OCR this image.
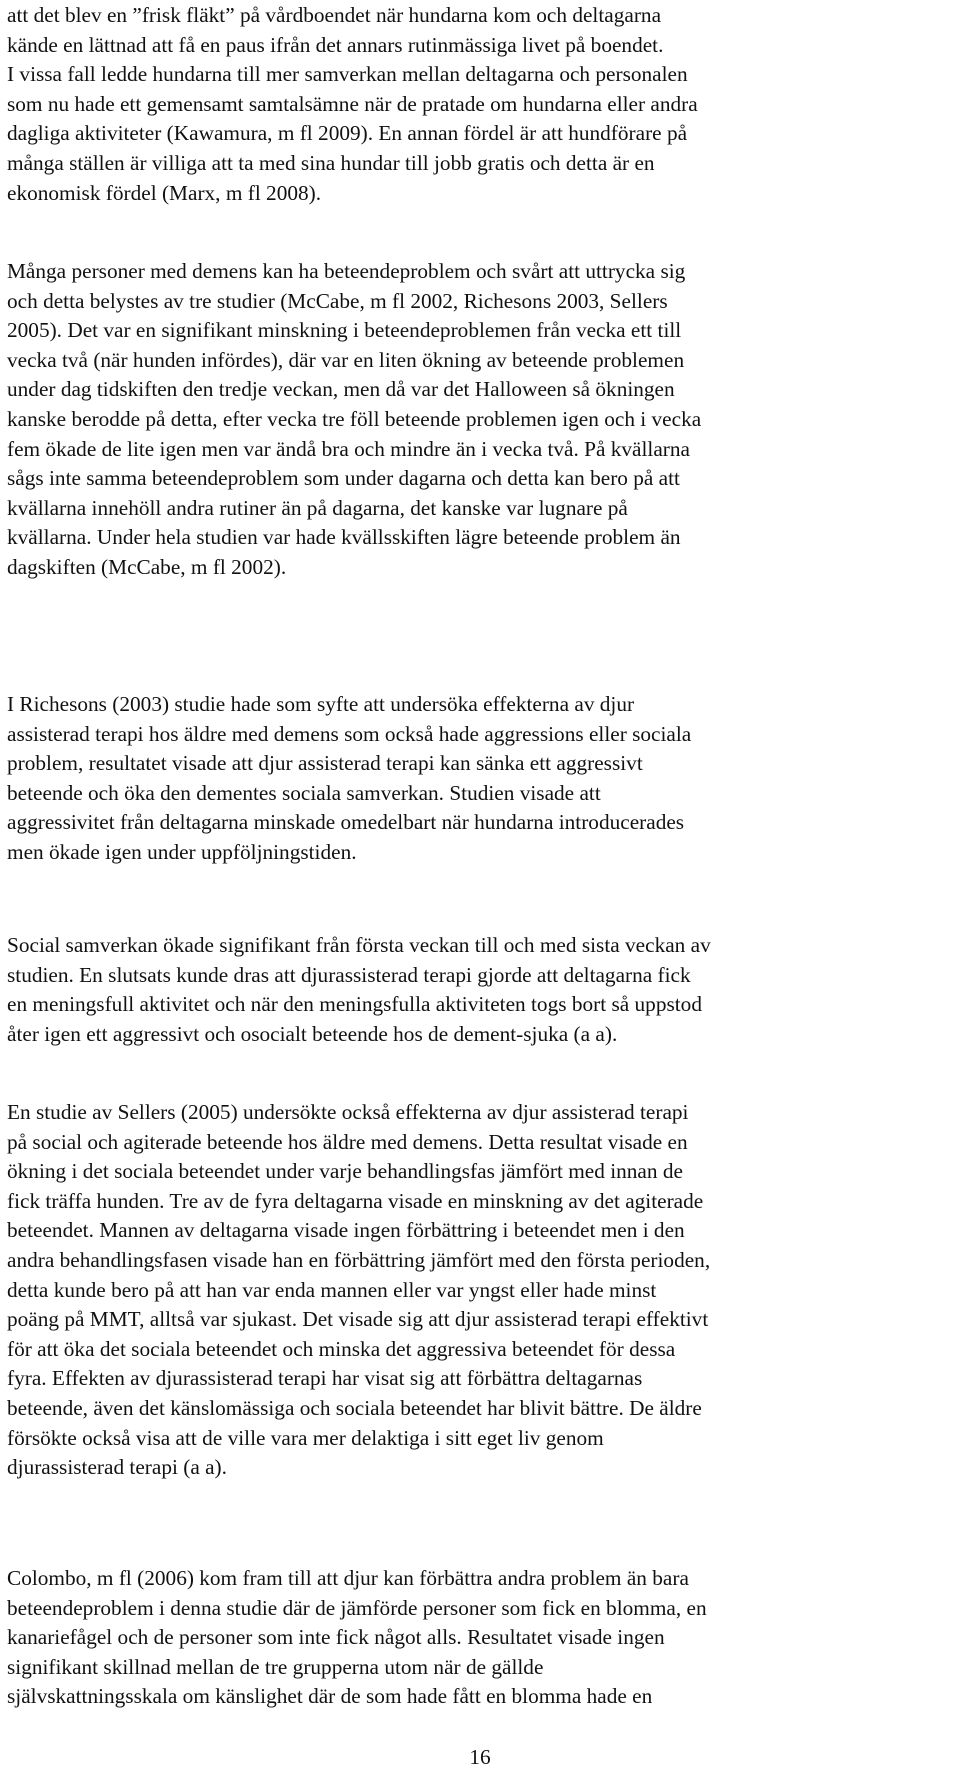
att det blev en ”frisk fläkt” på vårdboendet när hundarna kom och deltagarna
kände en lättnad att få en paus ifrån det annars rutinmässiga livet på boendet.
I vissa fall ledde hundarna till mer samverkan mellan deltagarna och personalen
som nu hade ett gemensamt samtalsämne när de pratade om hundarna eller andra
dagliga aktiviteter (Kawamura, m fl 2009). En annan fördel är att hundförare på
många ställen är villiga att ta med sina hundar till jobb gratis och detta är en
ekonomisk fördel (Marx, m fl 2008).
Många personer med demens kan ha beteendeproblem och svårt att uttrycka sig
och detta belystes av tre studier (McCabe, m fl 2002, Richesons 2003, Sellers
2005). Det var en signifikant minskning i beteendeproblemen från vecka ett till
vecka två (när hunden infördes), där var en liten ökning av beteende problemen
under dag tidskiften den tredje veckan, men då var det Halloween så ökningen
kanske berodde på detta, efter vecka tre föll beteende problemen igen och i vecka
fem ökade de lite igen men var ändå bra och mindre än i vecka två. På kvällarna
sågs inte samma beteendeproblem som under dagarna och detta kan bero på att
kvällarna innehöll andra rutiner än på dagarna, det kanske var lugnare på
kvällarna. Under hela studien var hade kvällsskiften lägre beteende problem än
dagskiften (McCabe, m fl 2002).
I Richesons (2003) studie hade som syfte att undersöka effekterna av djur
assisterad terapi hos äldre med demens som också hade aggressions eller sociala
problem, resultatet visade att djur assisterad terapi kan sänka ett aggressivt
beteende och öka den dementes sociala samverkan. Studien visade att
aggressivitet från deltagarna minskade omedelbart när hundarna introducerades
men ökade igen under uppföljningstiden.
Social samverkan ökade signifikant från första veckan till och med sista veckan av
studien. En slutsats kunde dras att djurassisterad terapi gjorde att deltagarna fick
en meningsfull aktivitet och när den meningsfulla aktiviteten togs bort så uppstod
åter igen ett aggressivt och osocialt beteende hos de dement-sjuka (a a).
En studie av Sellers (2005) undersökte också effekterna av djur assisterad terapi
på social och agiterade beteende hos äldre med demens. Detta resultat visade en
ökning i det sociala beteendet under varje behandlingsfas jämfört med innan de
fick träffa hunden. Tre av de fyra deltagarna visade en minskning av det agiterade
beteendet. Mannen av deltagarna visade ingen förbättring i beteendet men i den
andra behandlingsfasen visade han en förbättring jämfört med den första perioden,
detta kunde bero på att han var enda mannen eller var yngst eller hade minst
poäng på MMT, alltså var sjukast. Det visade sig att djur assisterad terapi effektivt
för att öka det sociala beteendet och minska det aggressiva beteendet för dessa
fyra. Effekten av djurassisterad terapi har visat sig att förbättra deltagarnas
beteende, även det känslomässiga och sociala beteendet har blivit bättre. De äldre
försökte också visa att de ville vara mer delaktiga i sitt eget liv genom
djurassisterad terapi (a a).
Colombo, m fl (2006) kom fram till att djur kan förbättra andra problem än bara
beteendeproblem i denna studie där de jämförde personer som fick en blomma, en
kanariefågel och de personer som inte fick något alls. Resultatet visade ingen
signifikant skillnad mellan de tre grupperna utom när de gällde
självskattningsskala om känslighet där de som hade fått en blomma hade en
16
